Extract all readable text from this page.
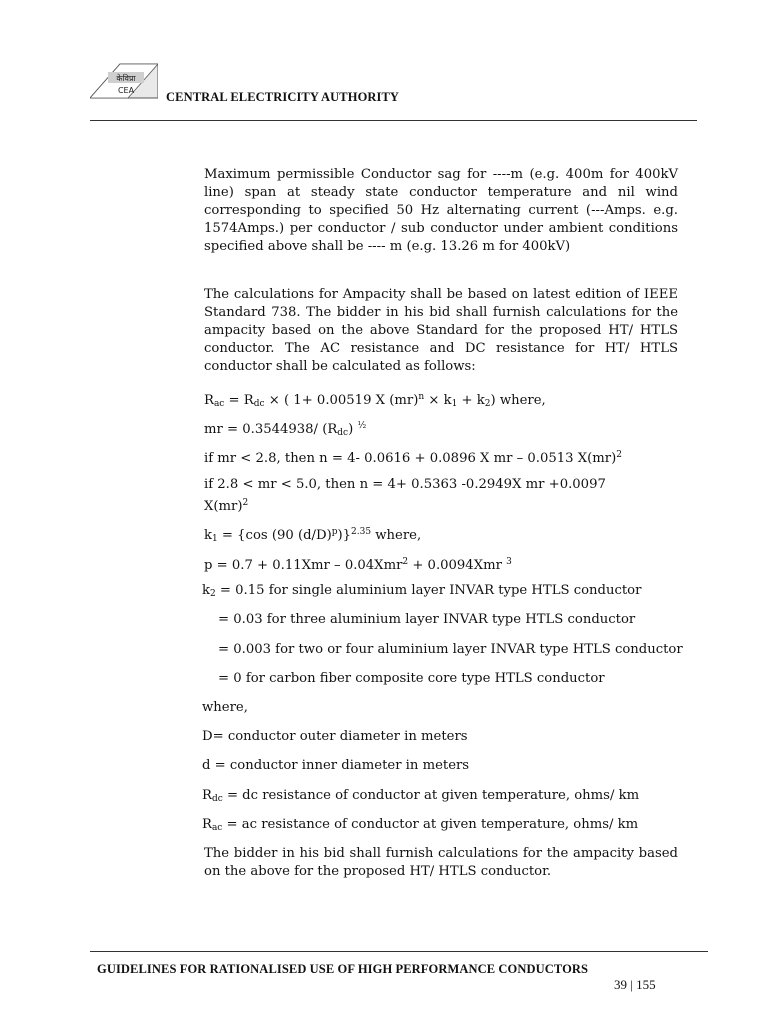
केविप्रा
CEA	CENTRAL ELECTRICITY AUTHORITY
Maximum permissible Conductor sag for ----m (e.g. 400m for 400kV line) span at steady state conductor temperature and nil wind corresponding to specified 50 Hz alternating current (---Amps. e.g. 1574Amps.) per conductor / sub conductor under ambient conditions specified above shall be ---- m (e.g. 13.26 m for 400kV)
The calculations for Ampacity shall be based on latest edition of IEEE Standard 738. The bidder in his bid shall furnish calculations for the ampacity based on the above Standard for the proposed HT/ HTLS conductor. The AC resistance and DC resistance for HT/ HTLS conductor shall be calculated as follows:
$R_{ac} = R_{dc}$ × ( 1+ 0.00519 X $(mr)^n \times k_1 + k_2$) where,
mr = 0.3544938/ $(R_{dc})$ $^{\frac{1}{2}}$
if mr < 2.8, then n = 4- 0.0616 + 0.0896 X mr – 0.0513 X(mr)$^2$
if 2.8 < mr < 5.0, then n = 4+ 0.5363 -0.2949X mr +0.0097
X(mr)$^2$
$k_1 = \{\cos$ (90 $(d/D)^p)\}^{2.35}$ where,
p = 0.7 + 0.11Xmr – 0.04Xmr$^2$ + 0.0094Xmr $^3$
$k_2 = 0.15$ for single aluminium layer INVAR type HTLS conductor
= 0.03 for three aluminium layer INVAR type HTLS conductor
= 0.003 for two or four aluminium layer INVAR type HTLS conductor
= 0 for carbon fiber composite core type HTLS conductor
where,
D= conductor outer diameter in meters
d = conductor inner diameter in meters
$R_{dc}$ = dc resistance of conductor at given temperature, ohms/ km
$R_{ac}$ = ac resistance of conductor at given temperature, ohms/ km
The bidder in his bid shall furnish calculations for the ampacity based on the above for the proposed HT/ HTLS conductor.
GUIDELINES FOR RATIONALISED USE OF HIGH PERFORMANCE CONDUCTORS
39 | 155
